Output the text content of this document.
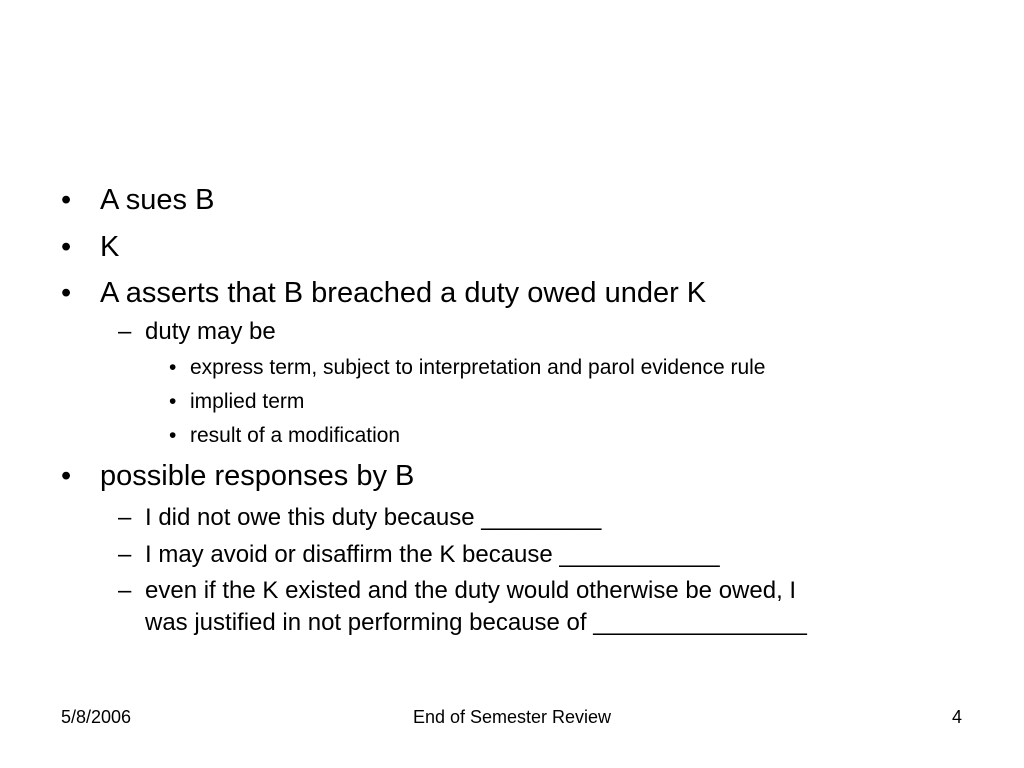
• A sues B
• K
• A asserts that B breached a duty owed under K
– duty may be
• express term, subject to interpretation and parol evidence rule
• implied term
• result of a modification
• possible responses by B
– I did not owe this duty because _________
– I may avoid or disaffirm the K because ____________
– even if the K existed and the duty would otherwise be owed, I
was justified in not performing because of ________________
5/8/2006	End of Semester Review	4
